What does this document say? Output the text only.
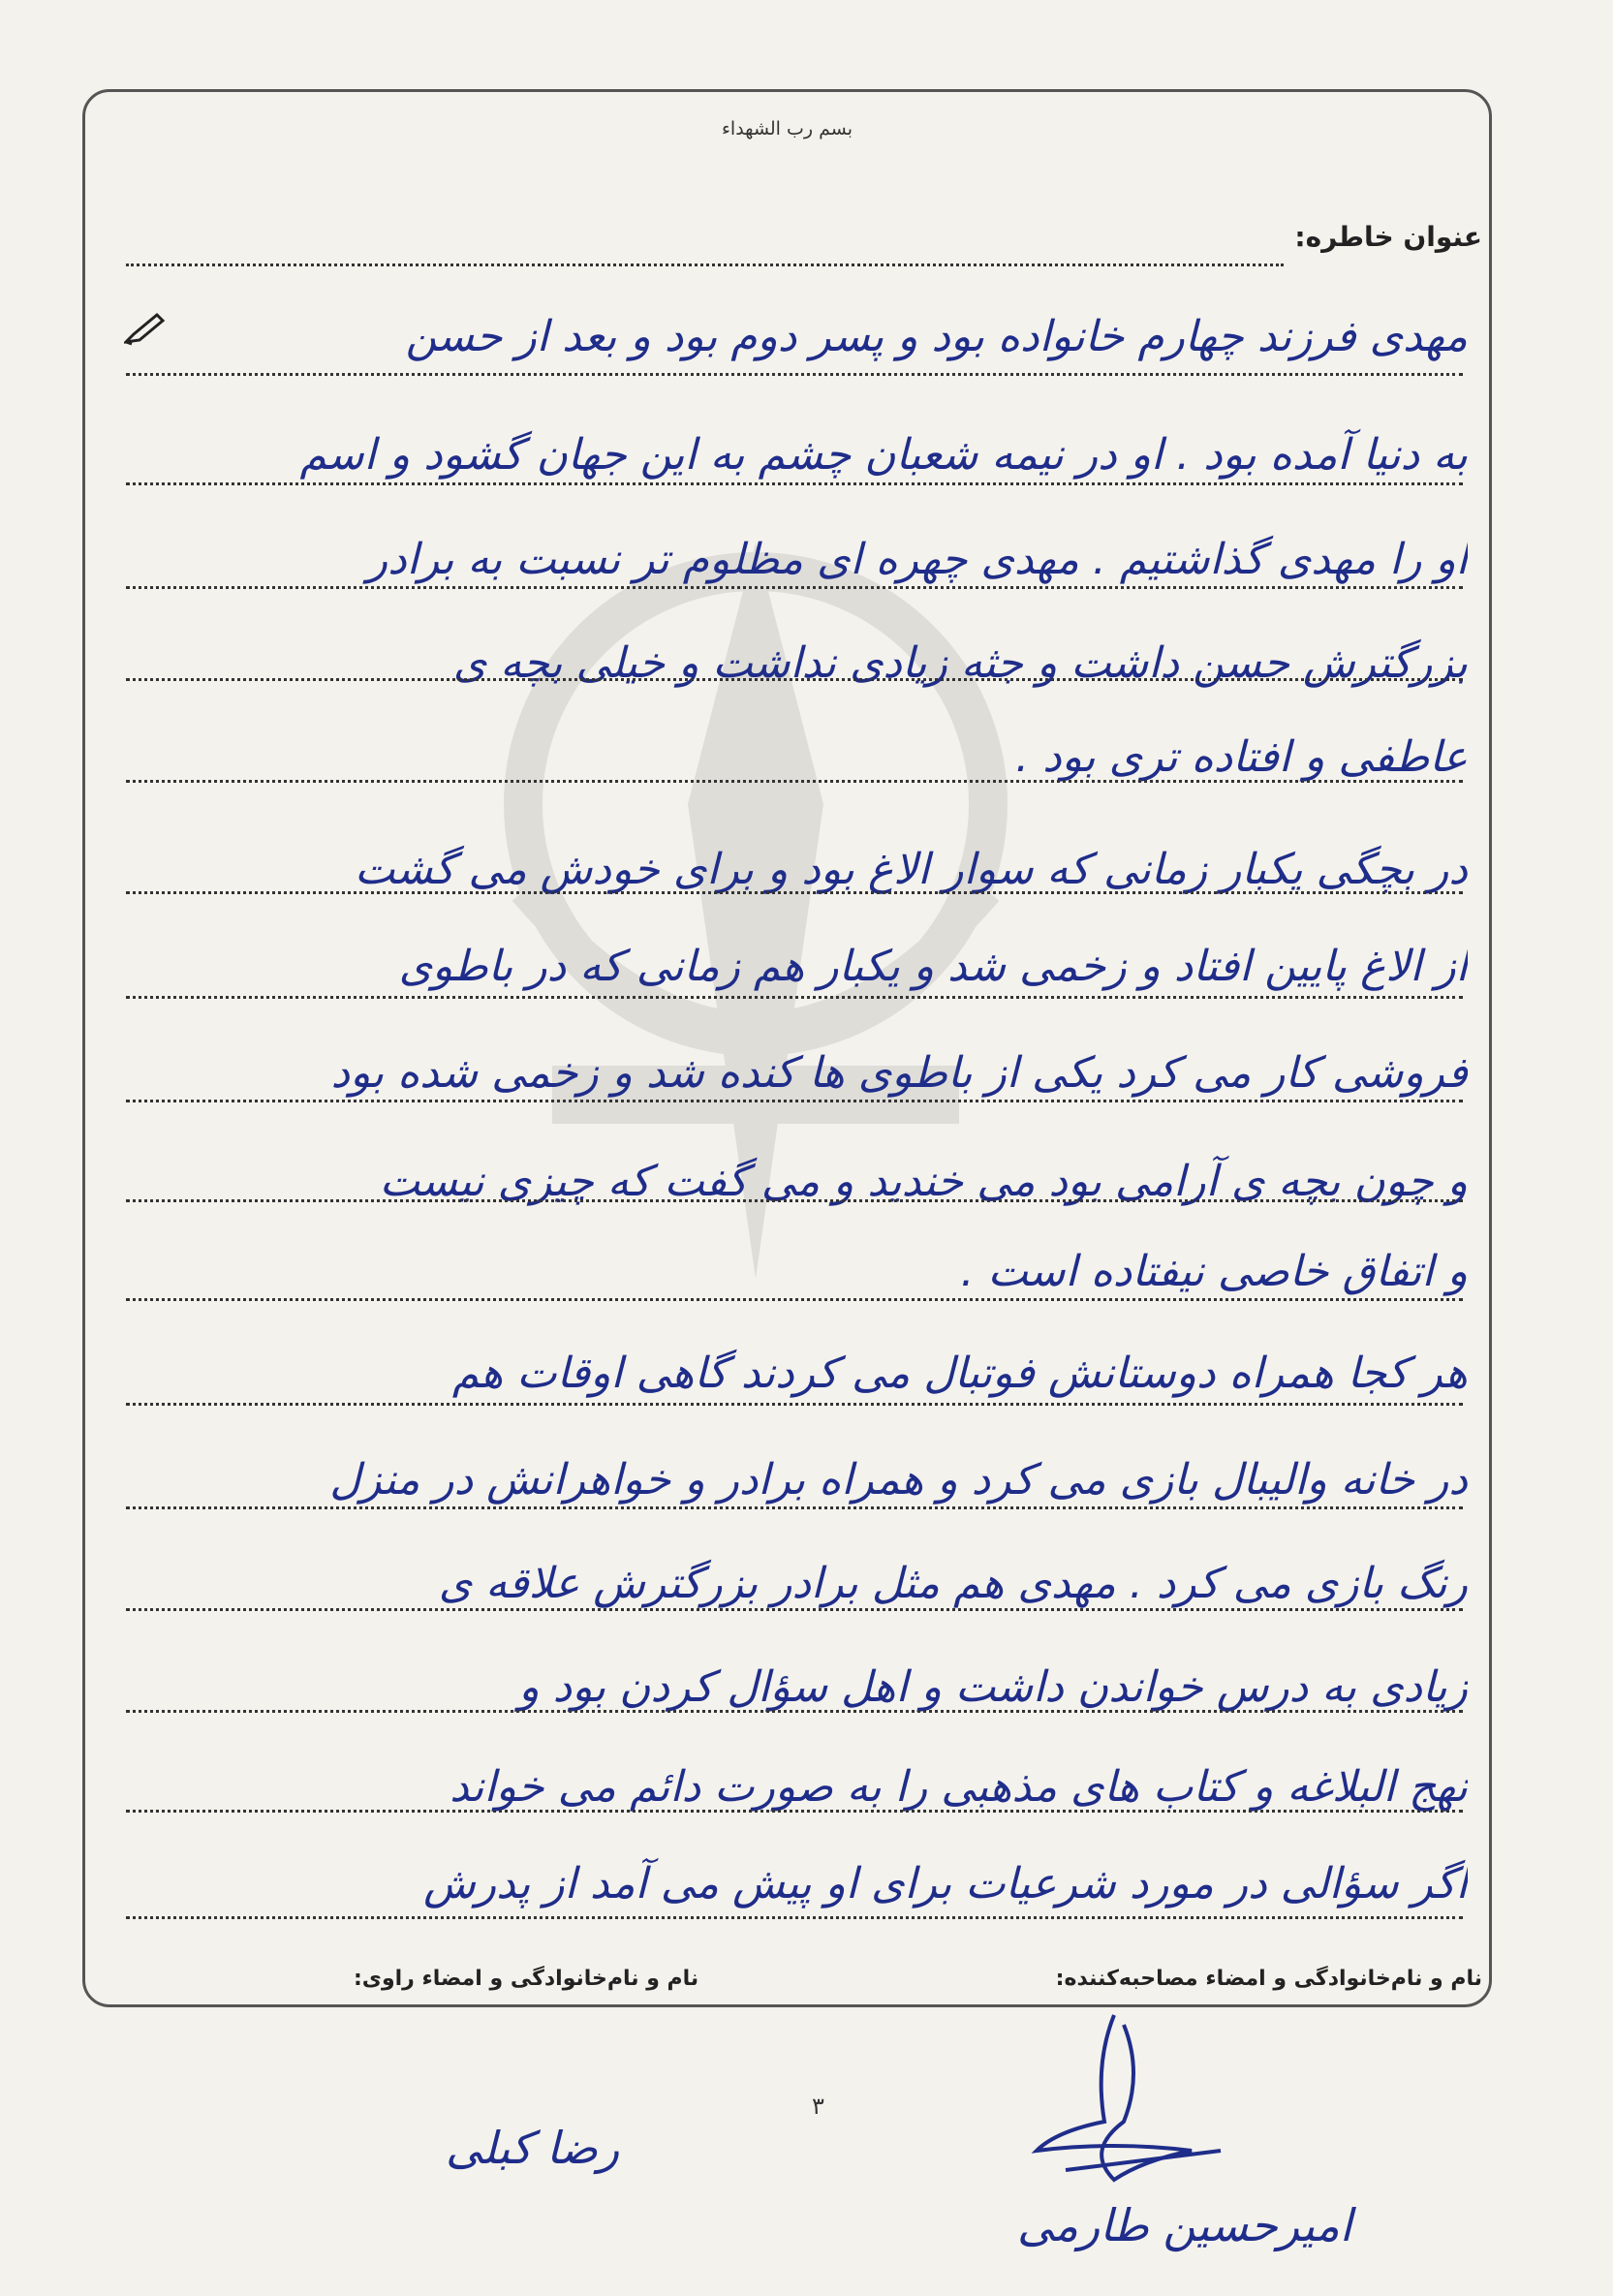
بسم رب الشهداء
عنوان خاطره:
مهدی فرزند چهارم خانواده بود و پسر دوم بود و بعد از حسن
به دنیا آمده بود . او در نیمه شعبان چشم به این جهان گشود و اسم
او را مهدی گذاشتیم . مهدی چهره ای مظلوم تر نسبت به برادر
بزرگترش حسن داشت و جثه زیادی نداشت و خیلی بچه ی
عاطفی و افتاده تری بود .
در بچگی یکبار زمانی که سوار الاغ بود و برای خودش می گشت
از الاغ پایین افتاد و زخمی شد و یکبار هم زمانی که در باطوی
فروشی کار می کرد یکی از باطوی ها کنده شد و زخمی شده بود
و چون بچه ی آرامی بود می خندید و می گفت که چیزی نیست
و اتفاق خاصی نیفتاده است .
هر کجا همراه دوستانش فوتبال می کردند گاهی اوقات هم
در خانه والیبال بازی می کرد و همراه برادر و خواهرانش در منزل
رنگ بازی می کرد . مهدی هم مثل برادر بزرگترش علاقه ی
زیادی به درس خواندن داشت و اهل سؤال کردن بود و
نهج البلاغه و کتاب های مذهبی را به صورت دائم می خواند
اگر سؤالی در مورد شرعیات برای او پیش می آمد از پدرش
نام و نام‌خانوادگی و امضاء مصاحبه‌کننده:
نام و نام‌خانوادگی و امضاء راوی:
۳
رضا کبلی
امیرحسین طارمی
